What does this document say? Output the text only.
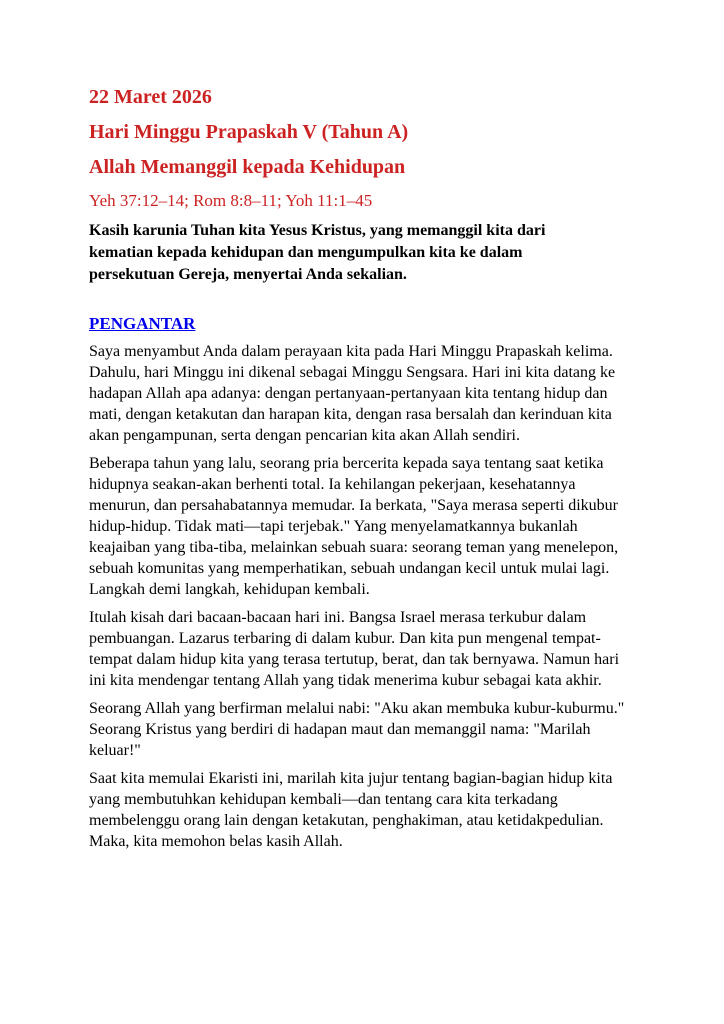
22 Maret 2026
Hari Minggu Prapaskah V (Tahun A)
Allah Memanggil kepada Kehidupan

Yeh 37:12–14; Rom 8:8–11; Yoh 11:1–45

Kasih karunia Tuhan kita Yesus Kristus, yang memanggil kita dari kematian kepada kehidupan dan mengumpulkan kita ke dalam persekutuan Gereja, menyertai Anda sekalian.

PENGANTAR

Saya menyambut Anda dalam perayaan kita pada Hari Minggu Prapaskah kelima. Dahulu, hari Minggu ini dikenal sebagai Minggu Sengsara. Hari ini kita datang ke hadapan Allah apa adanya: dengan pertanyaan-pertanyaan kita tentang hidup dan mati, dengan ketakutan dan harapan kita, dengan rasa bersalah dan kerinduan kita akan pengampunan, serta dengan pencarian kita akan Allah sendiri.

Beberapa tahun yang lalu, seorang pria bercerita kepada saya tentang saat ketika hidupnya seakan-akan berhenti total. Ia kehilangan pekerjaan, kesehatannya menurun, dan persahabatannya memudar. Ia berkata, "Saya merasa seperti dikubur hidup-hidup. Tidak mati—tapi terjebak." Yang menyelamatkannya bukanlah keajaiban yang tiba-tiba, melainkan sebuah suara: seorang teman yang menelepon, sebuah komunitas yang memperhatikan, sebuah undangan kecil untuk mulai lagi. Langkah demi langkah, kehidupan kembali.

Itulah kisah dari bacaan-bacaan hari ini. Bangsa Israel merasa terkubur dalam pembuangan. Lazarus terbaring di dalam kubur. Dan kita pun mengenal tempat-tempat dalam hidup kita yang terasa tertutup, berat, dan tak bernyawa. Namun hari ini kita mendengar tentang Allah yang tidak menerima kubur sebagai kata akhir.

Seorang Allah yang berfirman melalui nabi: "Aku akan membuka kubur-kuburmu." Seorang Kristus yang berdiri di hadapan maut dan memanggil nama: "Marilah keluar!"

Saat kita memulai Ekaristi ini, marilah kita jujur tentang bagian-bagian hidup kita yang membutuhkan kehidupan kembali—dan tentang cara kita terkadang membelenggu orang lain dengan ketakutan, penghakiman, atau ketidakpedulian. Maka, kita memohon belas kasih Allah.
